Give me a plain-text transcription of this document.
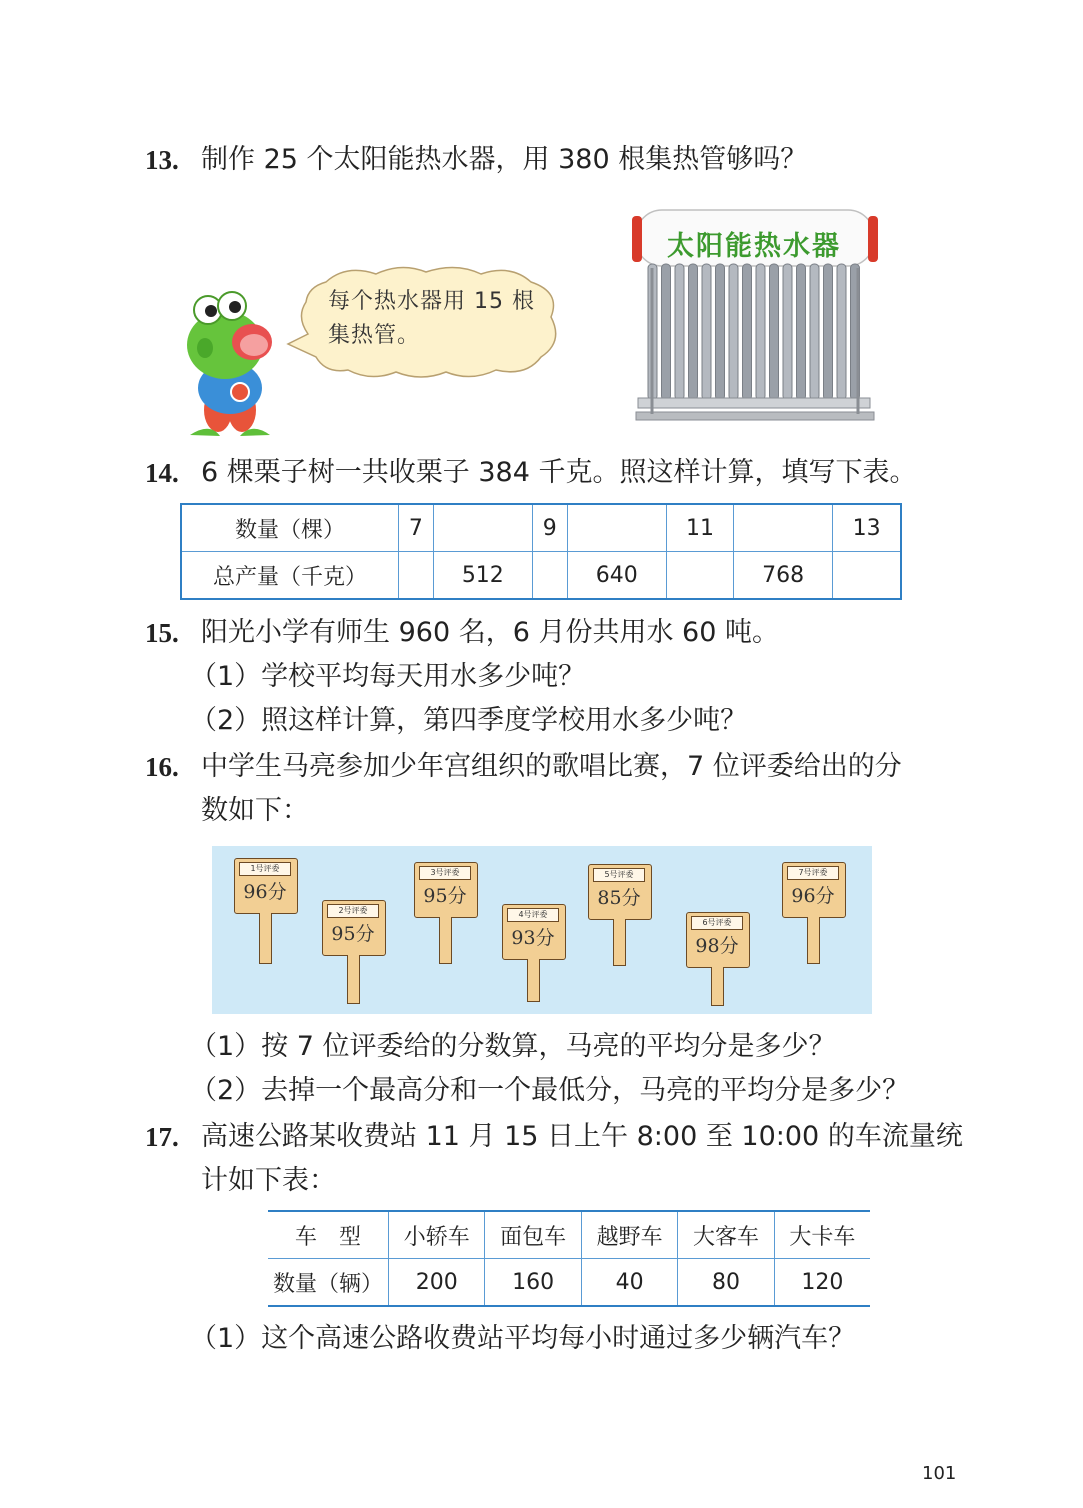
13. 制作 25 个太阳能热水器，用 380 根集热管够吗？
每个热水器用 15 根集热管。
太阳能热水器
14. 6 棵栗子树一共收栗子 384 千克。照这样计算，填写下表。
数量（棵）	7		9		11		13
总产量（千克）		512		640		768	
15. 阳光小学有师生 960 名，6 月份共用水 60 吨。
（1）学校平均每天用水多少吨？
（2）照这样计算，第四季度学校用水多少吨？
16. 中学生马亮参加少年宫组织的歌唱比赛，7 位评委给出的分
数如下：
1号评委
96分
2号评委
95分
3号评委
95分
4号评委
93分
5号评委
85分
6号评委
98分
7号评委
96分
（1）按 7 位评委给的分数算，马亮的平均分是多少？
（2）去掉一个最高分和一个最低分，马亮的平均分是多少？
17. 高速公路某收费站 11 月 15 日上午 8:00 至 10:00 的车流量统
计如下表：
车　型	小轿车	面包车	越野车	大客车	大卡车
数量（辆）	200	160	40	80	120
（1）这个高速公路收费站平均每小时通过多少辆汽车？
101
